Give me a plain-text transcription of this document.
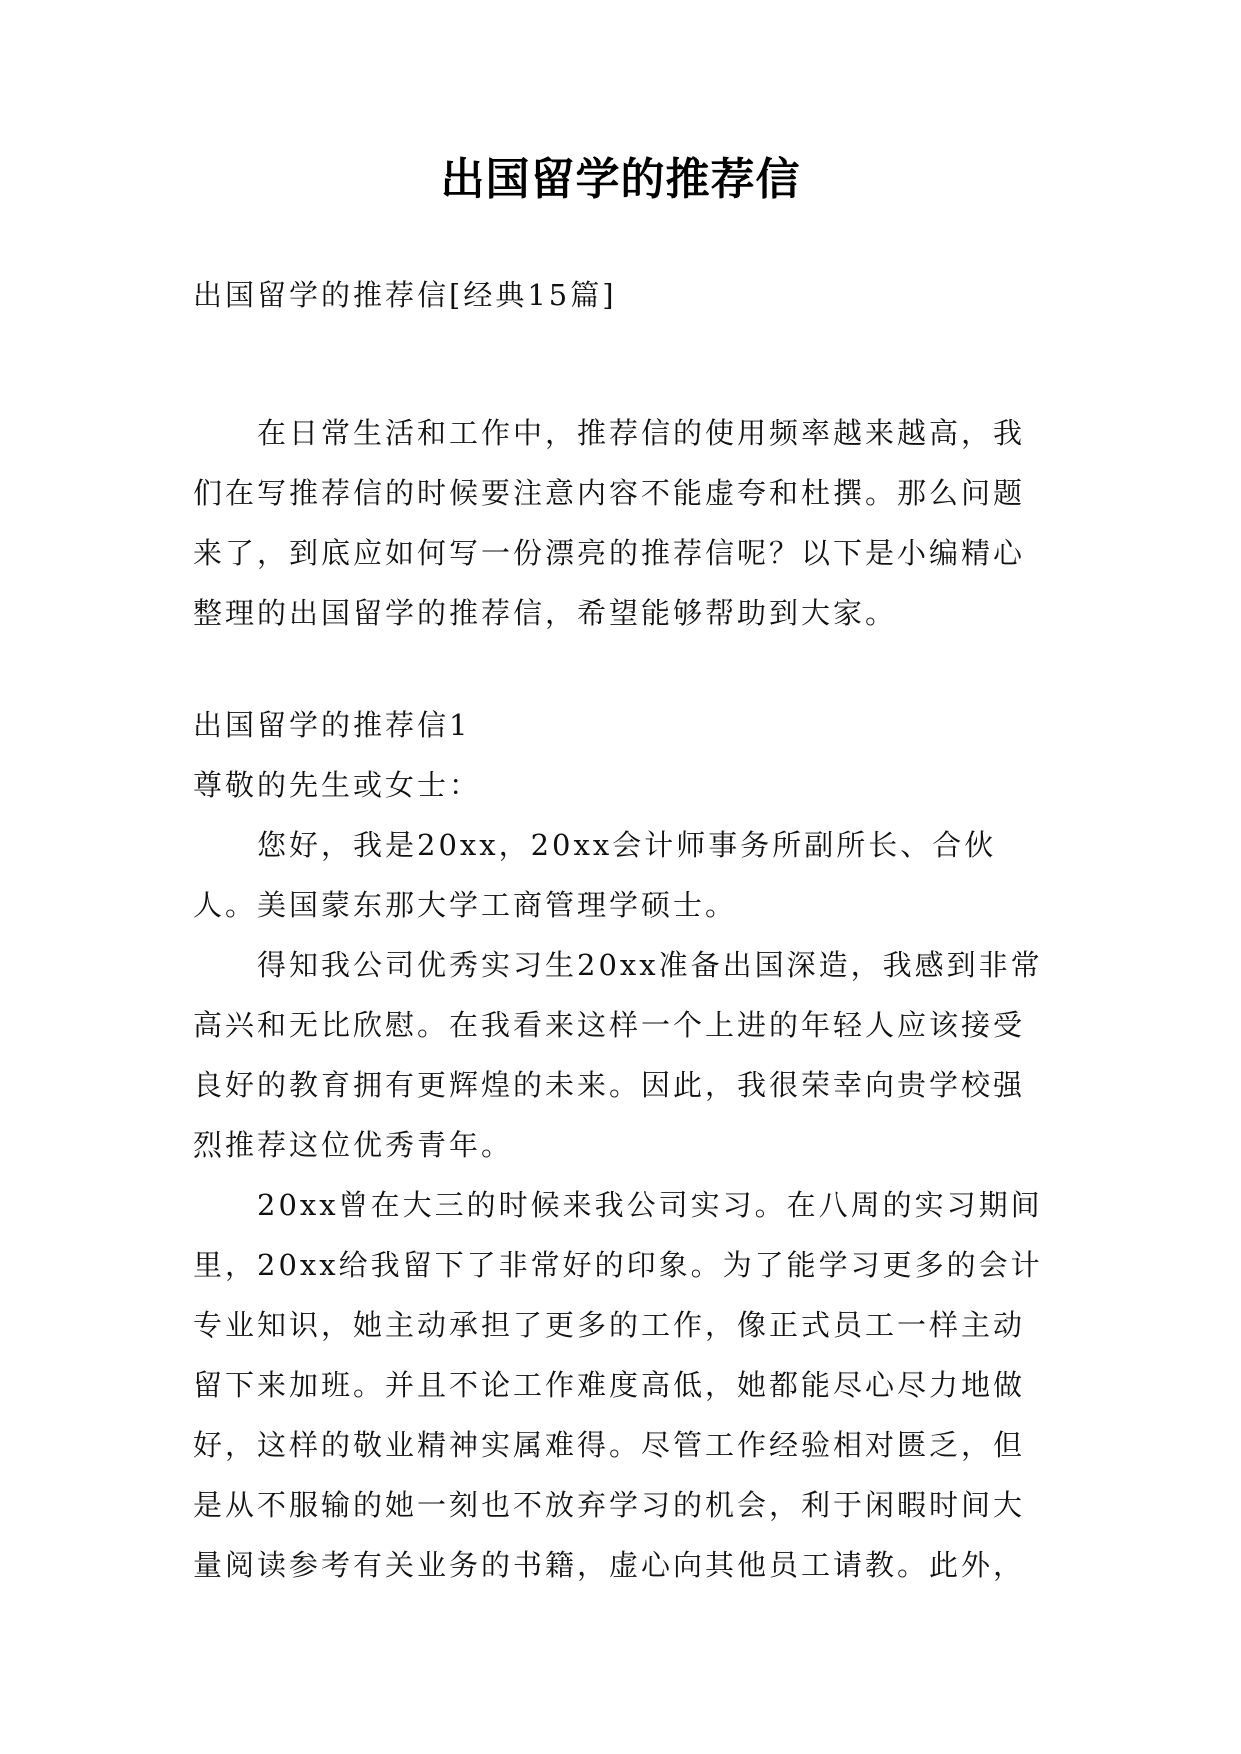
出国留学的推荐信
出国留学的推荐信[经典15篇]

在日常生活和工作中，推荐信的使用频率越来越高，我们在写推荐信的时候要注意内容不能虚夸和杜撰。那么问题来了，到底应如何写一份漂亮的推荐信呢？以下是小编精心整理的出国留学的推荐信，希望能够帮助到大家。

出国留学的推荐信1

尊敬的先生或女士：

您好，我是20xx，20xx会计师事务所副所长、合伙人。美国蒙东那大学工商管理学硕士。

得知我公司优秀实习生20xx准备出国深造，我感到非常高兴和无比欣慰。在我看来这样一个上进的年轻人应该接受良好的教育拥有更辉煌的未来。因此，我很荣幸向贵学校强烈推荐这位优秀青年。

20xx曾在大三的时候来我公司实习。在八周的实习期间里，20xx给我留下了非常好的印象。为了能学习更多的会计专业知识，她主动承担了更多的工作，像正式员工一样主动留下来加班。并且不论工作难度高低，她都能尽心尽力地做好，这样的敬业精神实属难得。尽管工作经验相对匮乏，但是从不服输的她一刻也不放弃学习的机会，利于闲暇时间大量阅读参考有关业务的书籍，虚心向其他员工请教。此外，
